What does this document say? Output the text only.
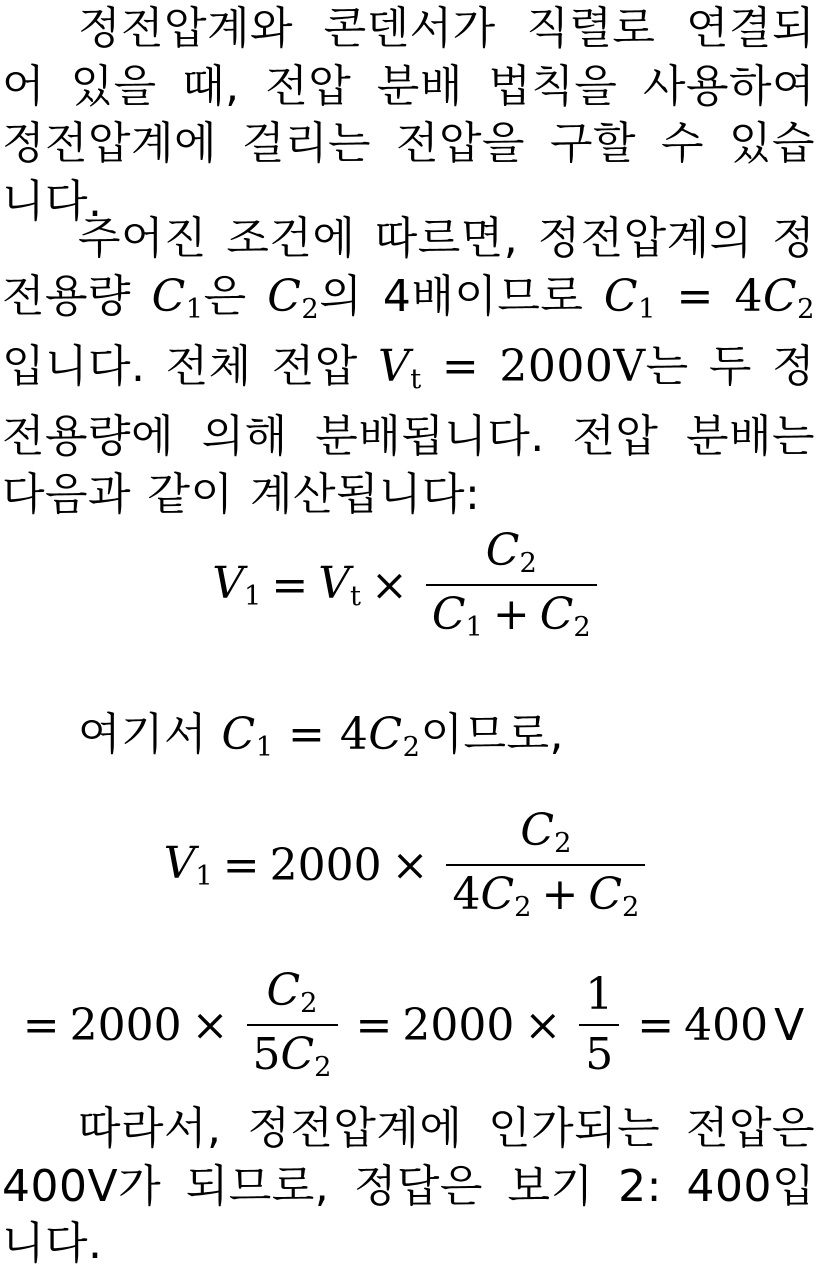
정전압계와 콘덴서가 직렬로 연결되어 있을 때, 전압 분배 법칙을 사용하여 정전압계에 걸리는 전압을 구할 수 있습니다.

주어진 조건에 따르면, 정전압계의 정전용량 $C_1$은 $C_2$의 4배이므로 $C_1 = 4C_2$입니다. 전체 전압 $V_t = 2000V$는 두 정전용량에 의해 분배됩니다. 전압 분배는 다음과 같이 계산됩니다:

$V_1 = V_t \times \frac{C_2}{C_1 + C_2}$

여기서 $C_1 = 4C_2$이므로,

$V_1 = 2000 \times \frac{C_2}{4C_2 + C_2}$
= $2000 \times \frac{C_2}{5C_2} = 2000 \times \frac{1}{5} = 400$ V

따라서, 정전압계에 인가되는 전압은 400V가 되므로, 정답은 보기 2: 400입니다.
